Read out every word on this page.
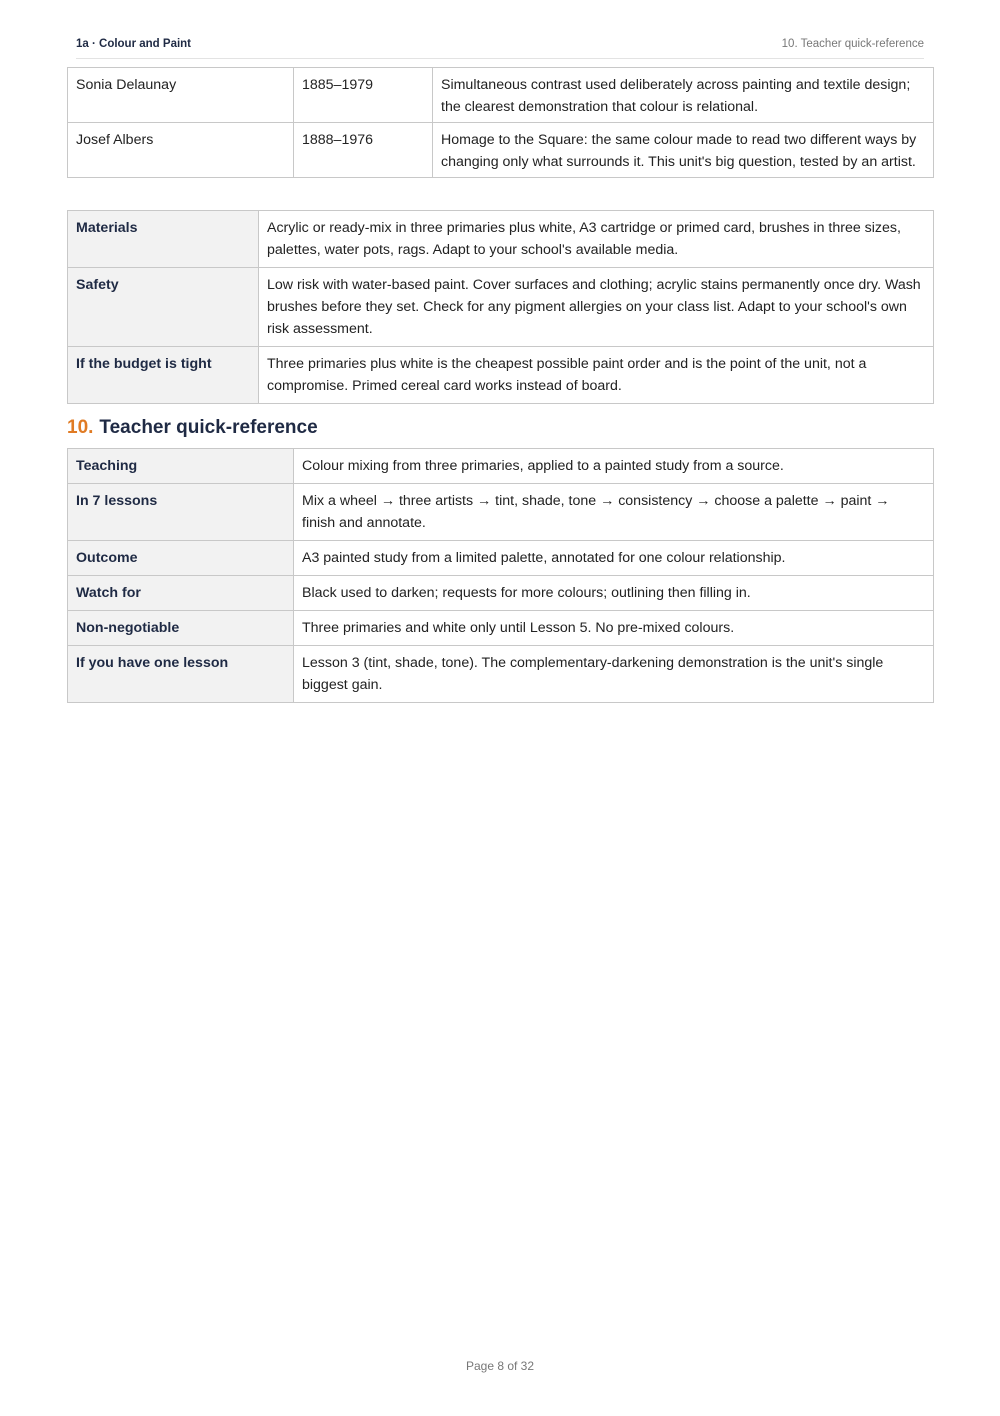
1a · Colour and Paint	10. Teacher quick-reference
Sonia Delaunay	1885–1979	Simultaneous contrast used deliberately across painting and textile design; the clearest demonstration that colour is relational.
Josef Albers	1888–1976	Homage to the Square: the same colour made to read two different ways by changing only what surrounds it. This unit's big question, tested by an artist.
Materials	Acrylic or ready-mix in three primaries plus white, A3 cartridge or primed card, brushes in three sizes, palettes, water pots, rags. Adapt to your school's available media.
Safety	Low risk with water-based paint. Cover surfaces and clothing; acrylic stains permanently once dry. Wash brushes before they set. Check for any pigment allergies on your class list. Adapt to your school's own risk assessment.
If the budget is tight	Three primaries plus white is the cheapest possible paint order and is the point of the unit, not a compromise. Primed cereal card works instead of board.
10. Teacher quick-reference
Teaching	Colour mixing from three primaries, applied to a painted study from a source.
In 7 lessons	Mix a wheel → three artists → tint, shade, tone → consistency → choose a palette → paint → finish and annotate.
Outcome	A3 painted study from a limited palette, annotated for one colour relationship.
Watch for	Black used to darken; requests for more colours; outlining then filling in.
Non-negotiable	Three primaries and white only until Lesson 5. No pre-mixed colours.
If you have one lesson	Lesson 3 (tint, shade, tone). The complementary-darkening demonstration is the unit's single biggest gain.
Page 8 of 32
